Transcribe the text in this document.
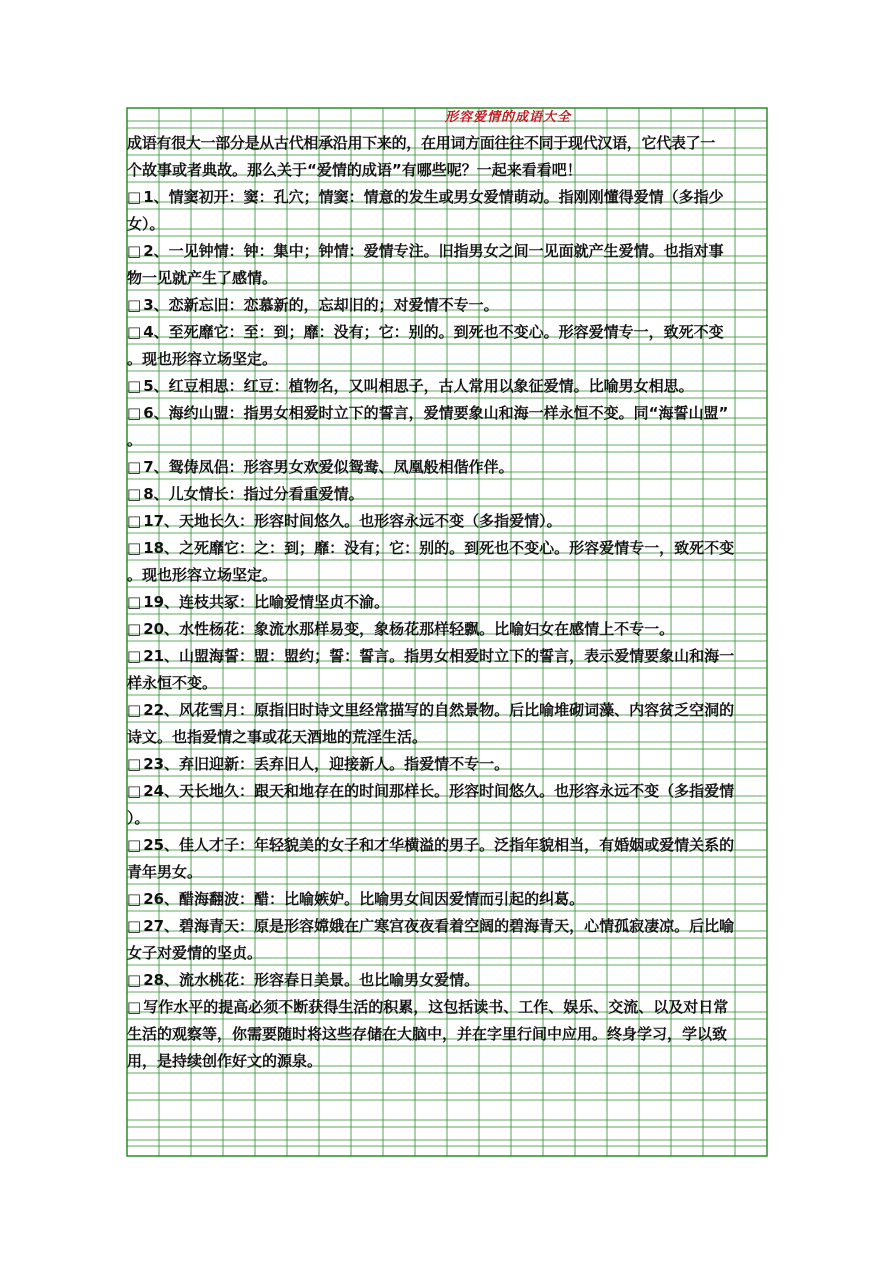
形容爱情的成语大全
成语有很大一部分是从古代相承沿用下来的，在用词方面往往不同于现代汉语，它代表了一
个故事或者典故。那么关于“爱情的成语”有哪些呢？一起来看看吧！
□ 1、情窦初开：窦：孔穴；情窦：情意的发生或男女爱情萌动。指刚刚懂得爱情（多指少
女）。
□ 2、一见钟情：钟：集中；钟情：爱情专注。旧指男女之间一见面就产生爱情。也指对事
物一见就产生了感情。
□ 3、恋新忘旧：恋慕新的，忘却旧的；对爱情不专一。
□ 4、至死靡它：至：到；靡：没有；它：别的。到死也不变心。形容爱情专一，致死不变
。现也形容立场坚定。
□ 5、红豆相思：红豆：植物名，又叫相思子，古人常用以象征爱情。比喻男女相思。
□ 6、海约山盟：指男女相爱时立下的誓言，爱情要象山和海一样永恒不变。同“海誓山盟”
。
□ 7、鸳俦凤侣：形容男女欢爱似鸳鸯、凤凰般相偕作伴。
□ 8、儿女情长：指过分看重爱情。
□ 17、天地长久：形容时间悠久。也形容永远不变（多指爱情）。
□ 18、之死靡它：之：到；靡：没有；它：别的。到死也不变心。形容爱情专一，致死不变
。现也形容立场坚定。
□ 19、连枝共冢：比喻爱情坚贞不渝。
□ 20、水性杨花：象流水那样易变，象杨花那样轻飘。比喻妇女在感情上不专一。
□ 21、山盟海誓：盟：盟约；誓：誓言。指男女相爱时立下的誓言，表示爱情要象山和海一
样永恒不变。
□ 22、风花雪月：原指旧时诗文里经常描写的自然景物。后比喻堆砌词藻、内容贫乏空洞的
诗文。也指爱情之事或花天酒地的荒淫生活。
□ 23、弃旧迎新：丢弃旧人，迎接新人。指爱情不专一。
□ 24、天长地久：跟天和地存在的时间那样长。形容时间悠久。也形容永远不变（多指爱情
）。
□ 25、佳人才子：年轻貌美的女子和才华横溢的男子。泛指年貌相当，有婚姻或爱情关系的
青年男女。
□ 26、醋海翻波：醋：比喻嫉妒。比喻男女间因爱情而引起的纠葛。
□ 27、碧海青天：原是形容嫦娥在广寒宫夜夜看着空阔的碧海青天，心情孤寂凄凉。后比喻
女子对爱情的坚贞。
□ 28、流水桃花：形容春日美景。也比喻男女爱情。
□ 写作水平的提高必须不断获得生活的积累，这包括读书、工作、娱乐、交流、以及对日常
生活的观察等，你需要随时将这些存储在大脑中，并在字里行间中应用。终身学习，学以致
用，是持续创作好文的源泉。
